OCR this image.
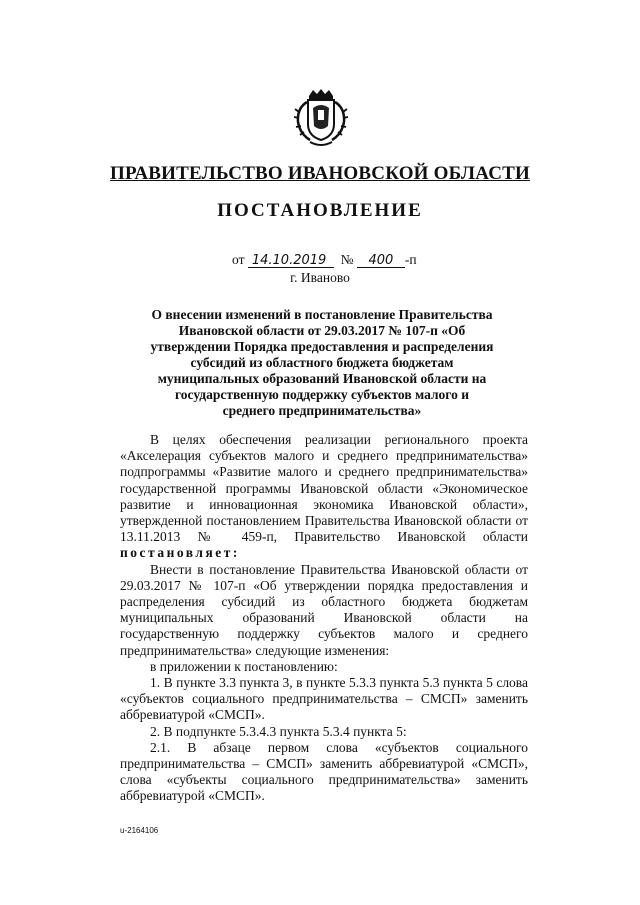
ПРАВИТЕЛЬСТВО ИВАНОВСКОЙ ОБЛАСТИ
ПОСТАНОВЛЕНИЕ
от 14.10.2019 № 400 -п
г. Иваново
О внесении изменений в постановление Правительства Ивановской области от 29.03.2017 № 107-п «Об утверждении Порядка предоставления и распределения субсидий из областного бюджета бюджетам муниципальных образований Ивановской области на государственную поддержку субъектов малого и среднего предпринимательства»

В целях обеспечения реализации регионального проекта «Акселерация субъектов малого и среднего предпринимательства» подпрограммы «Развитие малого и среднего предпринимательства» государственной программы Ивановской области «Экономическое развитие и инновационная экономика Ивановской области», утвержденной постановлением Правительства Ивановской области от 13.11.2013 № 459-п, Правительство Ивановской области постановляет:

Внести в постановление Правительства Ивановской области от 29.03.2017 № 107-п «Об утверждении порядка предоставления и распределения субсидий из областного бюджета бюджетам муниципальных образований Ивановской области на государственную поддержку субъектов малого и среднего предпринимательства» следующие изменения:

в приложении к постановлению:

1. В пункте 3.3 пункта 3, в пункте 5.3.3 пункта 5.3 пункта 5 слова «субъектов социального предпринимательства – СМСП» заменить аббревиатурой «СМСП».

2. В подпункте 5.3.4.3 пункта 5.3.4 пункта 5:

2.1. В абзаце первом слова «субъектов социального предпринимательства – СМСП» заменить аббревиатурой «СМСП», слова «субъекты социального предпринимательства» заменить аббревиатурой «СМСП».

u-2164106
